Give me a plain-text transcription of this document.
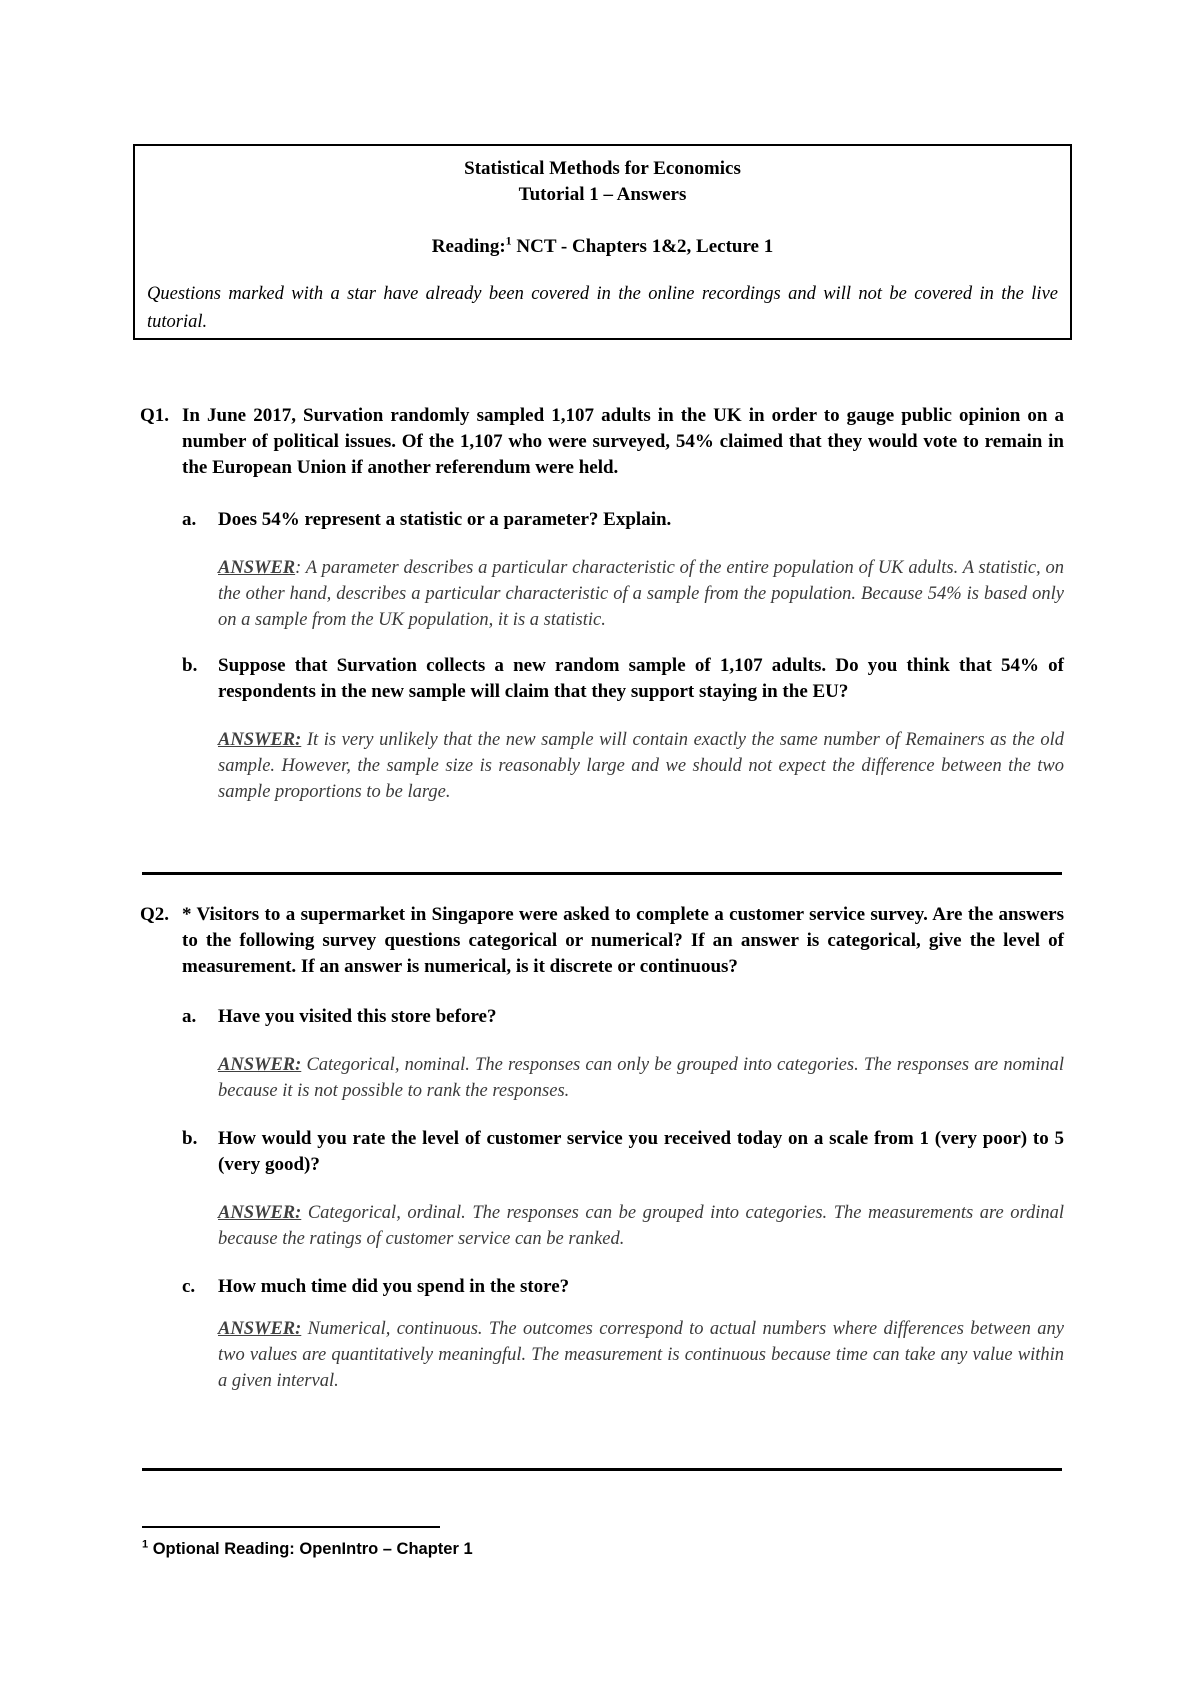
Statistical Methods for Economics
Tutorial 1 – Answers
Reading:$^1$ NCT - Chapters 1&2, Lecture 1
Questions marked with a star have already been covered in the online recordings and will not be covered in the live tutorial.
Q1. In June 2017, Survation randomly sampled 1,107 adults in the UK in order to gauge public opinion on a number of political issues. Of the 1,107 who were surveyed, 54% claimed that they would vote to remain in the European Union if another referendum were held.
a.	Does 54% represent a statistic or a parameter? Explain.
ANSWER: A parameter describes a particular characteristic of the entire population of UK adults. A statistic, on the other hand, describes a particular characteristic of a sample from the population. Because 54% is based only on a sample from the UK population, it is a statistic.
b.	Suppose that Survation collects a new random sample of 1,107 adults. Do you think that 54% of respondents in the new sample will claim that they support staying in the EU?
ANSWER: It is very unlikely that the new sample will contain exactly the same number of Remainers as the old sample. However, the sample size is reasonably large and we should not expect the difference between the two sample proportions to be large.
Q2. * Visitors to a supermarket in Singapore were asked to complete a customer service survey. Are the answers to the following survey questions categorical or numerical? If an answer is categorical, give the level of measurement. If an answer is numerical, is it discrete or continuous?
a.	Have you visited this store before?
ANSWER: Categorical, nominal. The responses can only be grouped into categories. The responses are nominal because it is not possible to rank the responses.
b.	How would you rate the level of customer service you received today on a scale from 1 (very poor) to 5 (very good)?
ANSWER: Categorical, ordinal. The responses can be grouped into categories. The measurements are ordinal because the ratings of customer service can be ranked.
c.	How much time did you spend in the store?
ANSWER: Numerical, continuous. The outcomes correspond to actual numbers where differences between any two values are quantitatively meaningful. The measurement is continuous because time can take any value within a given interval.
$^1$ Optional Reading: OpenIntro – Chapter 1
